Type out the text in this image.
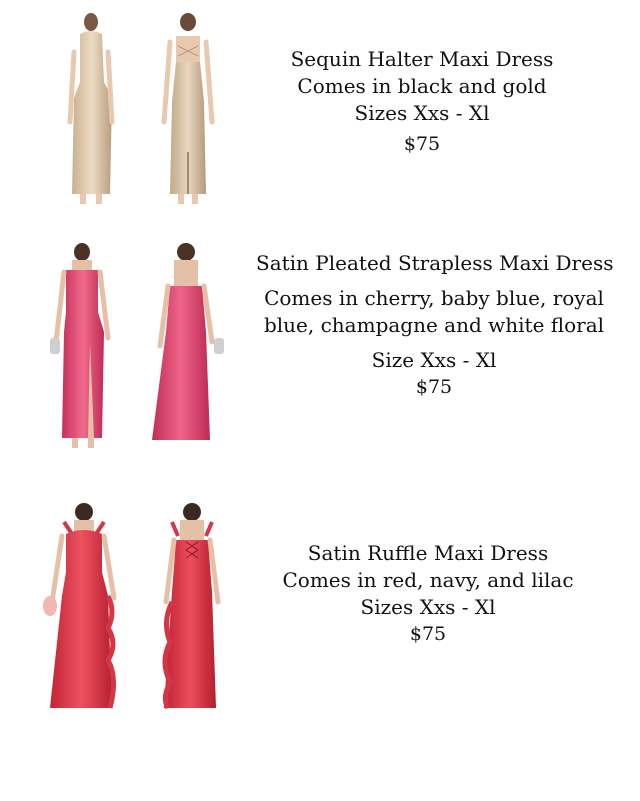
Sequin Halter Maxi Dress
Comes in black and gold
Sizes Xxs - Xl
$75
Satin Pleated Strapless Maxi Dress
Comes in cherry, baby blue, royal
blue, champagne and white floral
Size Xxs - Xl
$75
Satin Ruffle Maxi Dress
Comes in red, navy, and lilac
Sizes Xxs - Xl
$75
